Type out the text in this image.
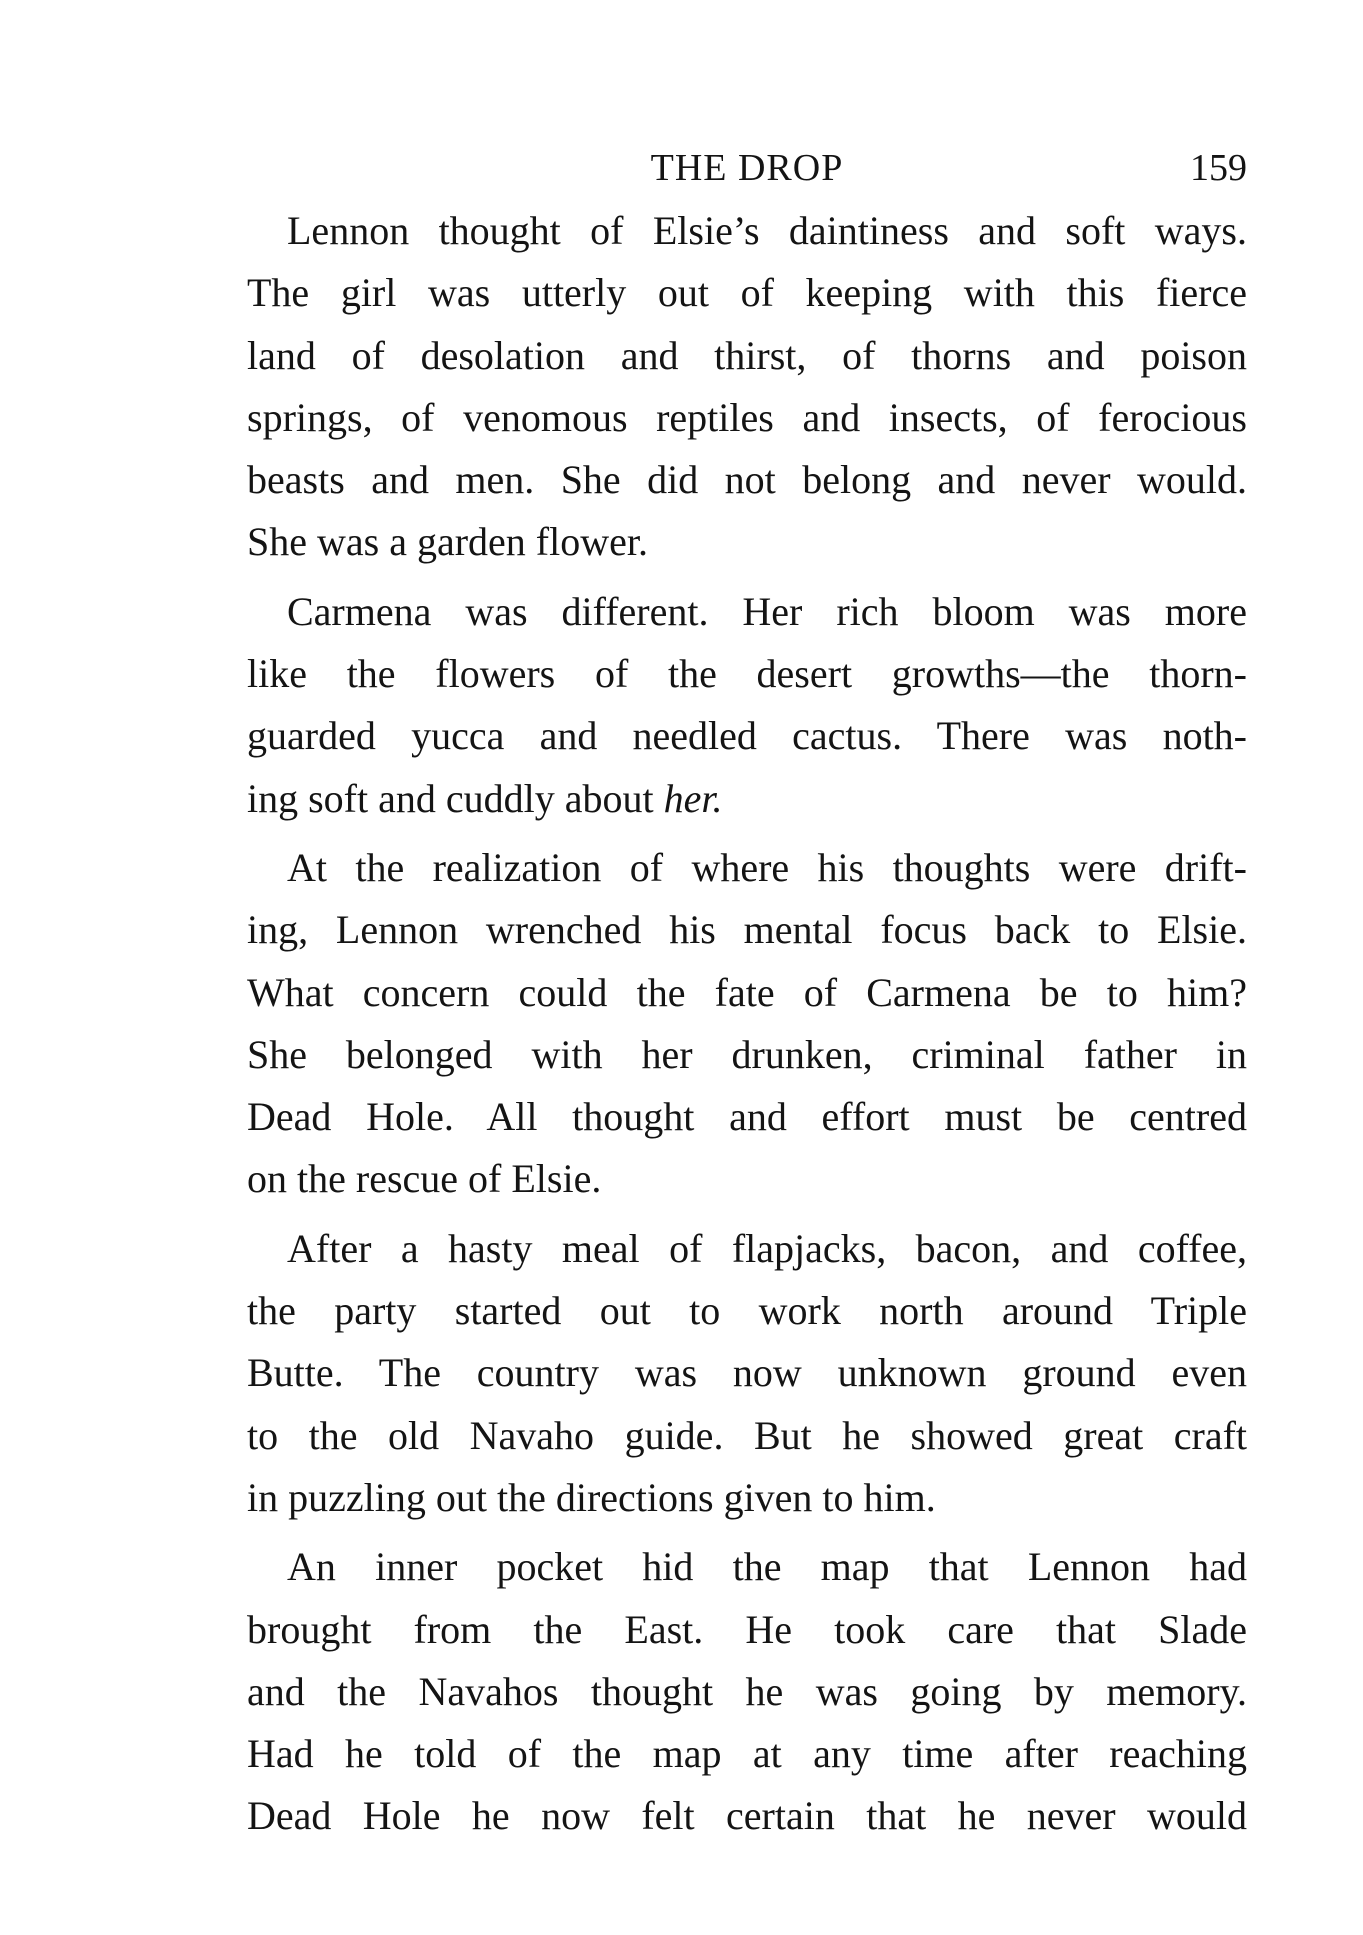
THE DROP	159

Lennon thought of Elsie’s daintiness and soft ways.
The girl was utterly out of keeping with this fierce
land of desolation and thirst, of thorns and poison
springs, of venomous reptiles and insects, of ferocious
beasts and men. She did not belong and never would.
She was a garden flower.

Carmena was different. Her rich bloom was more
like the flowers of the desert growths—the thorn-
guarded yucca and needled cactus. There was noth-
ing soft and cuddly about her.

At the realization of where his thoughts were drift-
ing, Lennon wrenched his mental focus back to Elsie.
What concern could the fate of Carmena be to him?
She belonged with her drunken, criminal father in
Dead Hole. All thought and effort must be centred
on the rescue of Elsie.

After a hasty meal of flapjacks, bacon, and coffee,
the party started out to work north around Triple
Butte. The country was now unknown ground even
to the old Navaho guide. But he showed great craft
in puzzling out the directions given to him.

An inner pocket hid the map that Lennon had
brought from the East. He took care that Slade
and the Navahos thought he was going by memory.
Had he told of the map at any time after reaching
Dead Hole he now felt certain that he never would
